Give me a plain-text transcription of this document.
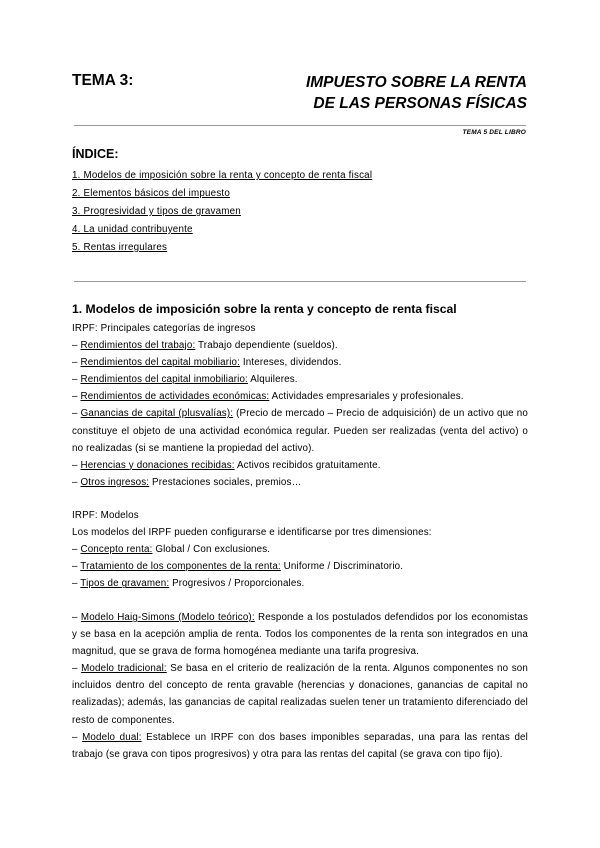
TEMA 3:	IMPUESTO SOBRE LA RENTA
DE LAS PERSONAS FÍSICAS
TEMA 5 DEL LIBRO
ÍNDICE:
1. Modelos de imposición sobre la renta y concepto de renta fiscal
2. Elementos básicos del impuesto
3. Progresividad y tipos de gravamen
4. La unidad contribuyente
5. Rentas irregulares
1. Modelos de imposición sobre la renta y concepto de renta fiscal

IRPF: Principales categorías de ingresos

– Rendimientos del trabajo: Trabajo dependiente (sueldos).

– Rendimientos del capital mobiliario: Intereses, dividendos.

– Rendimientos del capital inmobiliario: Alquileres.

– Rendimientos de actividades económicas: Actividades empresariales y profesionales.

– Ganancias de capital (plusvalías): (Precio de mercado – Precio de adquisición) de un activo que no constituye el objeto de una actividad económica regular. Pueden ser realizadas (venta del activo) o no realizadas (si se mantiene la propiedad del activo).

– Herencias y donaciones recibidas: Activos recibidos gratuitamente.

– Otros ingresos: Prestaciones sociales, premios…

IRPF: Modelos

Los modelos del IRPF pueden configurarse e identificarse por tres dimensiones:

– Concepto renta: Global / Con exclusiones.

– Tratamiento de los componentes de la renta: Uniforme / Discriminatorio.

– Tipos de gravamen: Progresivos / Proporcionales.

– Modelo Haig-Simons (Modelo teórico): Responde a los postulados defendidos por los economistas y se basa en la acepción amplia de renta. Todos los componentes de la renta son integrados en una magnitud, que se grava de forma homogénea mediante una tarifa progresiva.

– Modelo tradicional: Se basa en el criterio de realización de la renta. Algunos componentes no son incluidos dentro del concepto de renta gravable (herencias y donaciones, ganancias de capital no realizadas); además, las ganancias de capital realizadas suelen tener un tratamiento diferenciado del resto de componentes.

– Modelo dual: Establece un IRPF con dos bases imponibles separadas, una para las rentas del trabajo (se grava con tipos progresivos) y otra para las rentas del capital (se grava con tipo fijo).
